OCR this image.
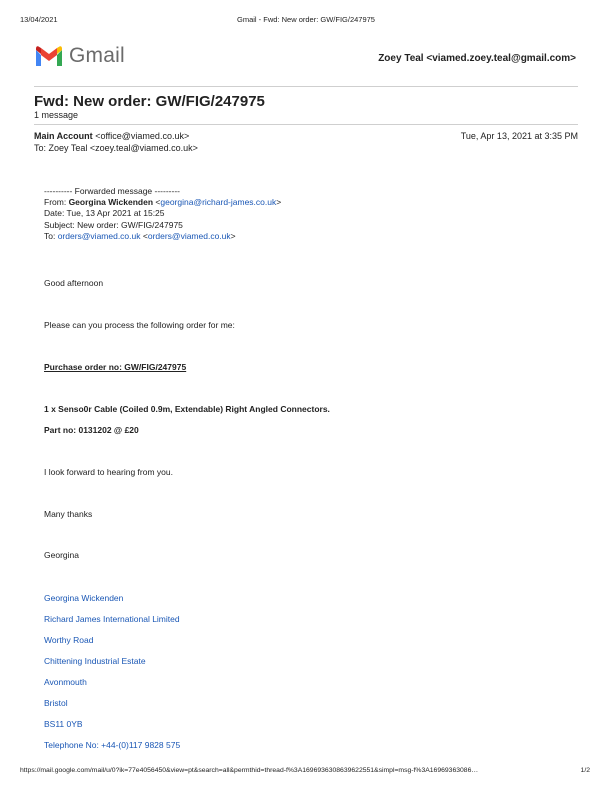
13/04/2021	Gmail - Fwd: New order: GW/FIG/247975
Gmail	Zoey Teal <viamed.zoey.teal@gmail.com>
Fwd: New order: GW/FIG/247975
1 message
Main Account <office@viamed.co.uk>	Tue, Apr 13, 2021 at 3:35 PM
To: Zoey Teal <zoey.teal@viamed.co.uk>
---------- Forwarded message ---------
From: Georgina Wickenden <georgina@richard-james.co.uk>
Date: Tue, 13 Apr 2021 at 15:25
Subject: New order: GW/FIG/247975
To: orders@viamed.co.uk <orders@viamed.co.uk>
Good afternoon
Please can you process the following order for me:
Purchase order no: GW/FIG/247975
1 x Senso0r Cable (Coiled 0.9m, Extendable) Right Angled Connectors.
Part no: 0131202 @ £20
I look forward to hearing from you.
Many thanks
Georgina
Georgina Wickenden
Richard James International Limited
Worthy Road
Chittening Industrial Estate
Avonmouth
Bristol
BS11 0YB
Telephone No: +44-(0)117 9828 575
https://mail.google.com/mail/u/0?ik=77e4056450&view=pt&search=all&permthid=thread-f%3A1696936308639622551&simpl=msg-f%3A16969363086…	1/2
